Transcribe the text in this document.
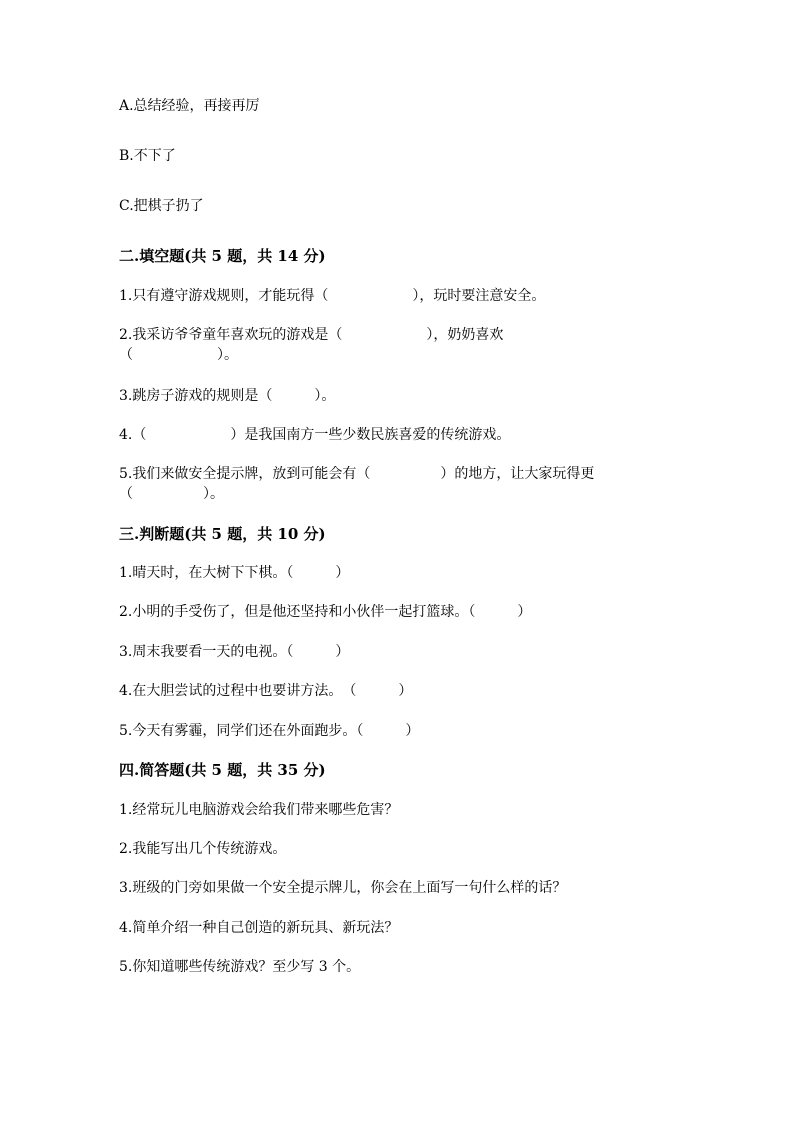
A.总结经验，再接再厉
B.不下了
C.把棋子扔了
二.填空题(共 5 题，共 14 分)
1.只有遵守游戏规则，才能玩得（　　　　　　），玩时要注意安全。
2.我采访爷爷童年喜欢玩的游戏是（　　　　　　），奶奶喜欢
（　　　　　　）。
3.跳房子游戏的规则是（　　　）。
4.（　　　　　　）是我国南方一些少数民族喜爱的传统游戏。
5.我们来做安全提示牌，放到可能会有（　　　　　）的地方，让大家玩得更
（　　　　　）。
三.判断题(共 5 题，共 10 分)
1.晴天时，在大树下下棋。（　　　）
2.小明的手受伤了，但是他还坚持和小伙伴一起打篮球。（　　　）
3.周末我要看一天的电视。（　　　）
4.在大胆尝试的过程中也要讲方法。　（　　　）
5.今天有雾霾，同学们还在外面跑步。（　　　）
四.简答题(共 5 题，共 35 分)
1.经常玩儿电脑游戏会给我们带来哪些危害？
2.我能写出几个传统游戏。
3.班级的门旁如果做一个安全提示牌儿，你会在上面写一句什么样的话？
4.简单介绍一种自己创造的新玩具、新玩法？
5.你知道哪些传统游戏？至少写 3 个。
